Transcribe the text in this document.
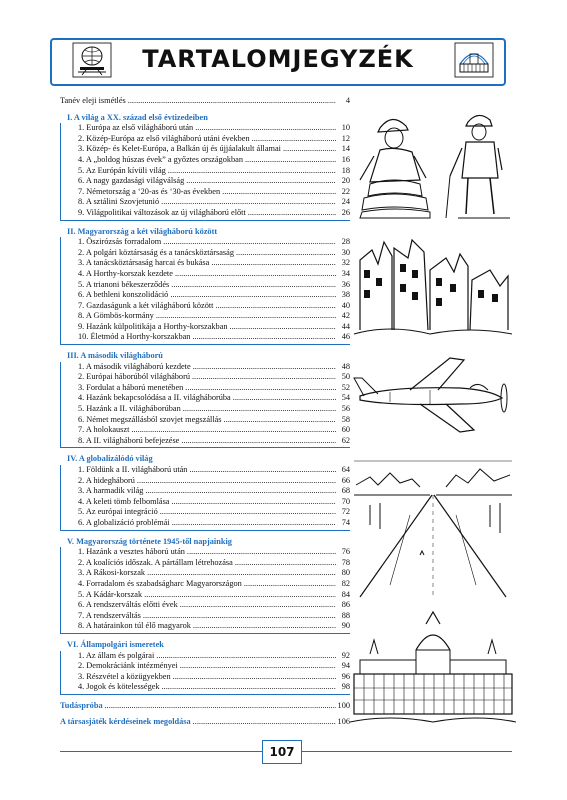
TARTALOMJEGYZÉK
Tanév eleji ismétlés .....	4
I. A világ a XX. század első évtizedeiben
1. Európa az első világháború után .....	10
2. Közép-Európa az első világháború utáni években .....	12
3. Közép- és Kelet-Európa, a Balkán új és újjáalakult államai .....	14
4. A „boldog húszas évek” a győztes országokban .....	16
5. Az Európán kívüli világ .....	18
6. A nagy gazdasági világválság .....	20
7. Németország a ‘20-as és ‘30-as években .....	22
8. A sztálini Szovjetunió .....	24
9. Világpolitikai változások az új világháború előtt .....	26
II. Magyarország a két világháború között
1. Őszirózsás forradalom .....	28
2. A polgári köztársaság és a tanácsköztársaság .....	30
3. A tanácsköztársaság harcai és bukása .....	32
4. A Horthy-korszak kezdete .....	34
5. A trianoni békeszerződés .....	36
6. A bethleni konszolidáció .....	38
7. Gazdaságunk a két világháború között .....	40
8. A Gömbös-kormány .....	42
9. Hazánk külpolitikája a Horthy-korszakban .....	44
10. Életmód a Horthy-korszakban .....	46
III. A második világháború
1. A második világháború kezdete .....	48
2. Európai háborúból világháború .....	50
3. Fordulat a háború menetében .....	52
4. Hazánk bekapcsolódása a II. világháborúba .....	54
5. Hazánk a II. világháborúban .....	56
6. Német megszállásból szovjet megszállás .....	58
7. A holokauszt .....	60
8. A II. világháború befejezése .....	62
IV. A globalizálódó világ
1. Földünk a II. világháború után .....	64
2. A hidegháború .....	66
3. A harmadik világ .....	68
4. A keleti tömb felbomlása .....	70
5. Az európai integráció .....	72
6. A globalizáció problémái .....	74
V. Magyarország története 1945-től napjainkig
1. Hazánk a vesztes háború után .....	76
2. A koalíciós időszak. A pártállam létrehozása .....	78
3. A Rákosi-korszak .....	80
4. Forradalom és szabadságharc Magyarországon .....	82
5. A Kádár-korszak .....	84
6. A rendszerváltás előtti évek .....	86
7. A rendszerváltás .....	88
8. A határainkon túl élő magyarok .....	90
VI. Állampolgári ismeretek
1. Az állam és polgárai .....	92
2. Demokráciánk intézményei .....	94
3. Részvétel a közügyekben .....	96
4. Jogok és kötelességek .....	98
Tudáspróba .....	100
A társasjáték kérdéseinek megoldása .....	106
107
